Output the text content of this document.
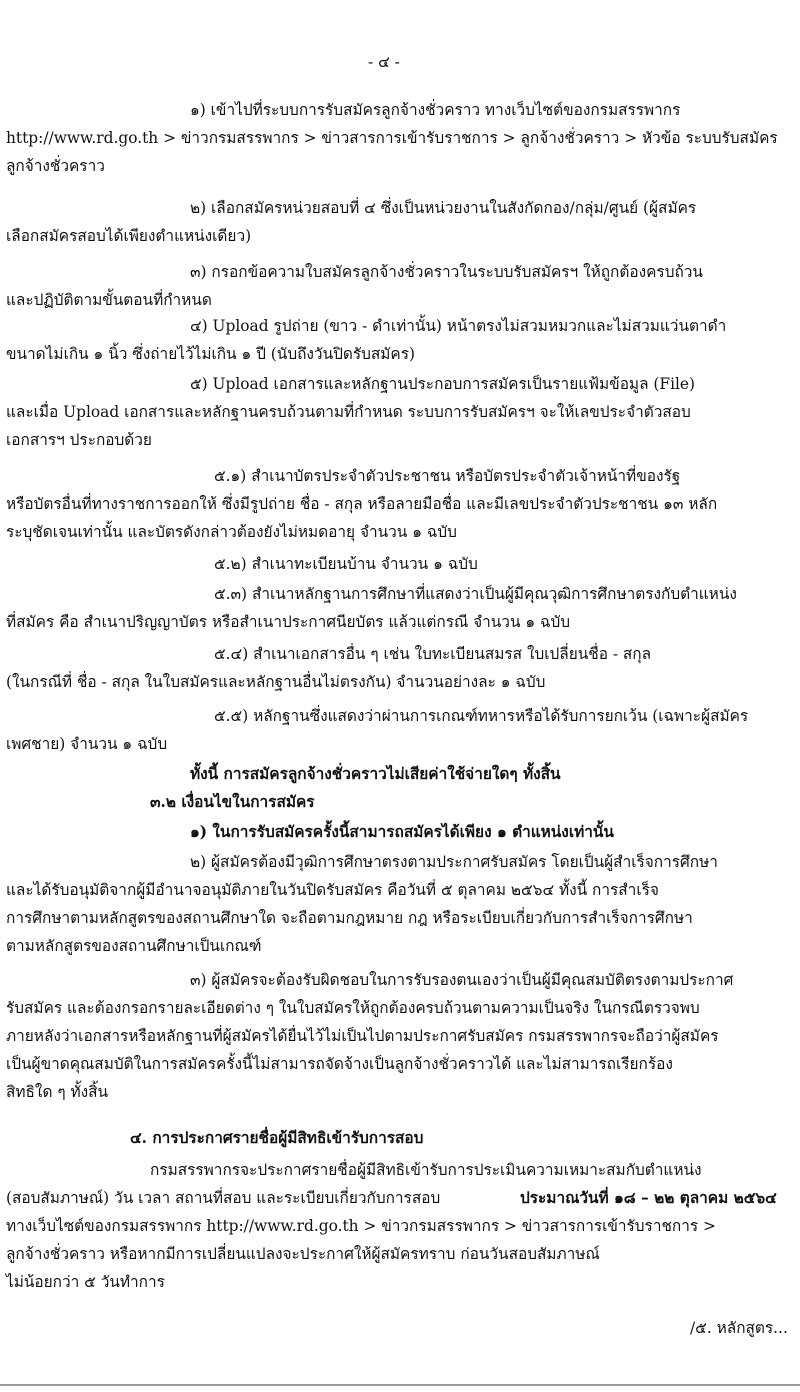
- ๔ -
๑) เข้าไปที่ระบบการรับสมัครลูกจ้างชั่วคราว ทางเว็บไซต์ของกรมสรรพากร
http://www.rd.go.th > ข่าวกรมสรรพากร > ข่าวสารการเข้ารับราชการ > ลูกจ้างชั่วคราว > หัวข้อ ระบบรับสมัคร
ลูกจ้างชั่วคราว
๒) เลือกสมัครหน่วยสอบที่ ๔ ซึ่งเป็นหน่วยงานในสังกัดกอง/กลุ่ม/ศูนย์ (ผู้สมัคร
เลือกสมัครสอบได้เพียงตำแหน่งเดียว)
๓) กรอกข้อความใบสมัครลูกจ้างชั่วคราวในระบบรับสมัครฯ ให้ถูกต้องครบถ้วน
และปฏิบัติตามขั้นตอนที่กำหนด
๔) Upload รูปถ่าย (ขาว - ดำเท่านั้น) หน้าตรงไม่สวมหมวกและไม่สวมแว่นตาดำ
ขนาดไม่เกิน ๑ นิ้ว ซึ่งถ่ายไว้ไม่เกิน ๑ ปี (นับถึงวันปิดรับสมัคร)
๕) Upload เอกสารและหลักฐานประกอบการสมัครเป็นรายแฟ้มข้อมูล (File)
และเมื่อ Upload เอกสารและหลักฐานครบถ้วนตามที่กำหนด ระบบการรับสมัครฯ จะให้เลขประจำตัวสอบ
เอกสารฯ ประกอบด้วย
๕.๑) สำเนาบัตรประจำตัวประชาชน หรือบัตรประจำตัวเจ้าหน้าที่ของรัฐ
หรือบัตรอื่นที่ทางราชการออกให้ ซึ่งมีรูปถ่าย ชื่อ - สกุล หรือลายมือชื่อ และมีเลขประจำตัวประชาชน ๑๓ หลัก
ระบุชัดเจนเท่านั้น และบัตรดังกล่าวต้องยังไม่หมดอายุ จำนวน ๑ ฉบับ
๕.๒) สำเนาทะเบียนบ้าน จำนวน ๑ ฉบับ
๕.๓) สำเนาหลักฐานการศึกษาที่แสดงว่าเป็นผู้มีคุณวุฒิการศึกษาตรงกับตำแหน่ง
ที่สมัคร คือ สำเนาปริญญาบัตร หรือสำเนาประกาศนียบัตร แล้วแต่กรณี จำนวน ๑ ฉบับ
๕.๔) สำเนาเอกสารอื่น ๆ เช่น ใบทะเบียนสมรส ใบเปลี่ยนชื่อ - สกุล
(ในกรณีที่ ชื่อ - สกุล ในใบสมัครและหลักฐานอื่นไม่ตรงกัน) จำนวนอย่างละ ๑ ฉบับ
๕.๕) หลักฐานซึ่งแสดงว่าผ่านการเกณฑ์ทหารหรือได้รับการยกเว้น (เฉพาะผู้สมัคร
เพศชาย) จำนวน ๑ ฉบับ
ทั้งนี้ การสมัครลูกจ้างชั่วคราวไม่เสียค่าใช้จ่ายใดๆ ทั้งสิ้น
๓.๒ เงื่อนไขในการสมัคร
๑) ในการรับสมัครครั้งนี้สามารถสมัครได้เพียง ๑ ตำแหน่งเท่านั้น
๒) ผู้สมัครต้องมีวุฒิการศึกษาตรงตามประกาศรับสมัคร โดยเป็นผู้สำเร็จการศึกษา
และได้รับอนุมัติจากผู้มีอำนาจอนุมัติภายในวันปิดรับสมัคร คือวันที่ ๕ ตุลาคม ๒๕๖๔ ทั้งนี้ การสำเร็จ
การศึกษาตามหลักสูตรของสถานศึกษาใด จะถือตามกฎหมาย กฎ หรือระเบียบเกี่ยวกับการสำเร็จการศึกษา
ตามหลักสูตรของสถานศึกษาเป็นเกณฑ์
๓) ผู้สมัครจะต้องรับผิดชอบในการรับรองตนเองว่าเป็นผู้มีคุณสมบัติตรงตามประกาศ
รับสมัคร และต้องกรอกรายละเอียดต่าง ๆ ในใบสมัครให้ถูกต้องครบถ้วนตามความเป็นจริง ในกรณีตรวจพบ
ภายหลังว่าเอกสารหรือหลักฐานที่ผู้สมัครได้ยื่นไว้ไม่เป็นไปตามประกาศรับสมัคร กรมสรรพากรจะถือว่าผู้สมัคร
เป็นผู้ขาดคุณสมบัติในการสมัครครั้งนี้ไม่สามารถจัดจ้างเป็นลูกจ้างชั่วคราวได้ และไม่สามารถเรียกร้อง
สิทธิใด ๆ ทั้งสิ้น
๔. การประกาศรายชื่อผู้มีสิทธิเข้ารับการสอบ
กรมสรรพากรจะประกาศรายชื่อผู้มีสิทธิเข้ารับการประเมินความเหมาะสมกับตำแหน่ง
(สอบสัมภาษณ์) วัน เวลา สถานที่สอบ และระเบียบเกี่ยวกับการสอบ	ประมาณวันที่ ๑๘ – ๒๒ ตุลาคม ๒๕๖๔
ทางเว็บไซต์ของกรมสรรพากร http://www.rd.go.th > ข่าวกรมสรรพากร > ข่าวสารการเข้ารับราชการ >
ลูกจ้างชั่วคราว หรือหากมีการเปลี่ยนแปลงจะประกาศให้ผู้สมัครทราบ ก่อนวันสอบสัมภาษณ์
ไม่น้อยกว่า ๕ วันทำการ
/๕. หลักสูตร...
